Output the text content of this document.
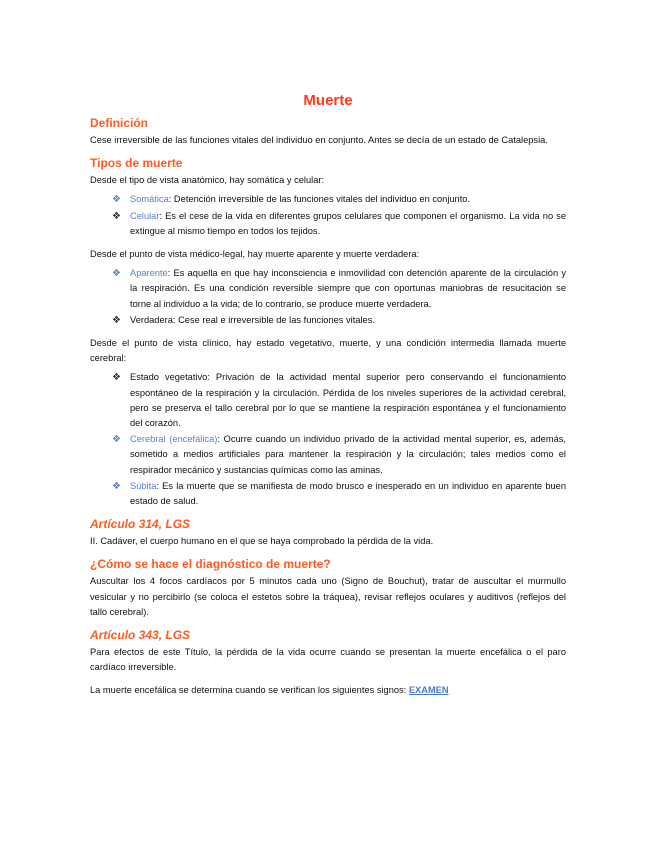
Muerte
Definición

Cese irreversible de las funciones vitales del individuo en conjunto. Antes se decía de un estado de Catalepsia.

Tipos de muerte

Desde el tipo de vista anatómico, hay somática y celular:

❖ Somática: Detención irreversible de las funciones vitales del individuo en conjunto.
❖ Celular: Es el cese de la vida en diferentes grupos celulares que componen el organismo. La vida no se extingue al mismo tiempo en todos los tejidos.

Desde el punto de vista médico-legal, hay muerte aparente y muerte verdadera:

❖ Aparente: Es aquella en que hay inconsciencia e inmovilidad con detención aparente de la circulación y la respiración. Es una condición reversible siempre que con oportunas maniobras de resucitación se torne al individuo a la vida; de lo contrario, se produce muerte verdadera.
❖ Verdadera: Cese real e irreversible de las funciones vitales.

Desde el punto de vista clínico, hay estado vegetativo, muerte, y una condición intermedia llamada muerte cerebral:

❖ Estado vegetativo: Privación de la actividad mental superior pero conservando el funcionamiento espontáneo de la respiración y la circulación. Pérdida de los niveles superiores de la actividad cerebral, pero se preserva el tallo cerebral por lo que se mantiene la respiración espontánea y el funcionamiento del corazón.
❖ Cerebral (encefálica): Ocurre cuando un individuo privado de la actividad mental superior, es, además, sometido a medios artificiales para mantener la respiración y la circulación; tales medios como el respirador mecánico y sustancias químicas como las aminas.
❖ Súbita: Es la muerte que se manifiesta de modo brusco e inesperado en un individuo en aparente buen estado de salud.
Artículo 314, LGS

II. Cadáver, el cuerpo humano en el que se haya comprobado la pérdida de la vida.

¿Cómo se hace el diagnóstico de muerte?

Auscultar los 4 focos cardíacos por 5 minutos cada uno (Signo de Bouchut), tratar de auscultar el murmullo vesicular y no percibirlo (se coloca el estetos sobre la tráquea), revisar reflejos oculares y auditivos (reflejos del tallo cerebral).

Artículo 343, LGS

Para efectos de este Título, la pérdida de la vida ocurre cuando se presentan la muerte encefálica o el paro cardíaco irreversible.

La muerte encefálica se determina cuando se verifican los siguientes signos: EXAMEN
